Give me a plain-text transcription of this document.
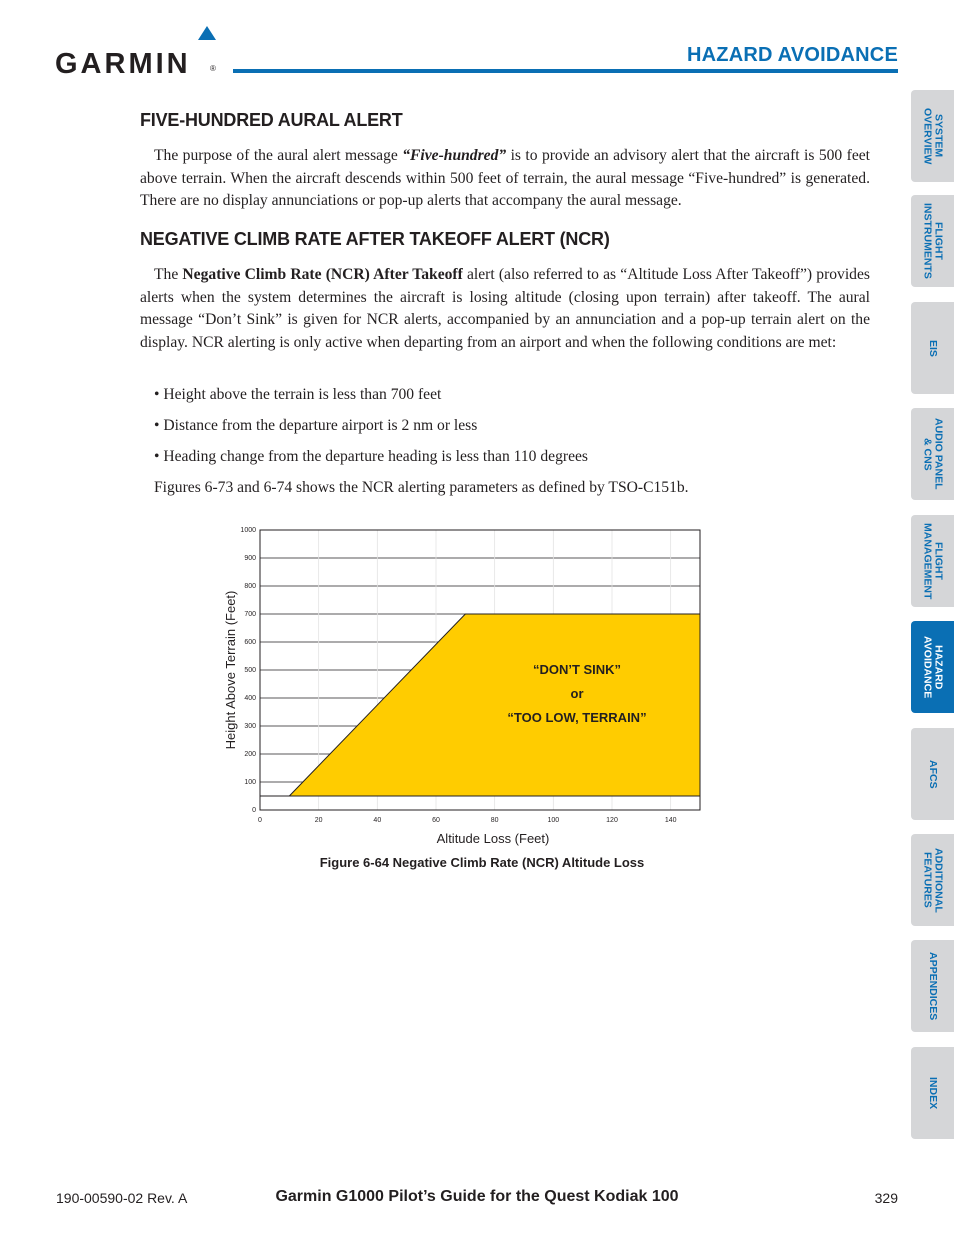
GARMIN ®
HAZARD AVOIDANCE
FIVE-HUNDRED AURAL ALERT

The purpose of the aural alert message “Five-hundred” is to provide an advisory alert that the aircraft is 500 feet above terrain. When the aircraft descends within 500 feet of terrain, the aural message “Five-hundred” is generated. There are no display annunciations or pop-up alerts that accompany the aural message.

NEGATIVE CLIMB RATE AFTER TAKEOFF ALERT (NCR)

The Negative Climb Rate (NCR) After Takeoff alert (also referred to as “Altitude Loss After Takeoff”) provides alerts when the system determines the aircraft is losing altitude (closing upon terrain) after takeoff. The aural message “Don’t Sink” is given for NCR alerts, accompanied by an annunciation and a pop-up terrain alert on the display. NCR alerting is only active when departing from an airport and when the following conditions are met:

• Height above the terrain is less than 700 feet
• Distance from the departure airport is 2 nm or less
• Heading change from the departure heading is less than 110 degrees
Figures 6-73 and 6-74 shows the NCR alerting parameters as defined by TSO-C151b.
0
100
200
300
400
500
600
700
800
900
1000
0	20	40	60	80	100	120	140
“DON’T SINK”
or
“TOO LOW, TERRAIN”
Altitude Loss (Feet)
Height Above Terrain (Feet)
Figure 6-64 Negative Climb Rate (NCR) Altitude Loss
SYSTEM
OVERVIEW
FLIGHT
INSTRUMENTS
EIS
AUDIO PANEL
& CNS
FLIGHT
MANAGEMENT
HAZARD
AVOIDANCE
AFCS
ADDITIONAL
FEATURES
APPENDICES
INDEX
190-00590-02 Rev. A	Garmin G1000 Pilot’s Guide for the Quest Kodiak 100	329
